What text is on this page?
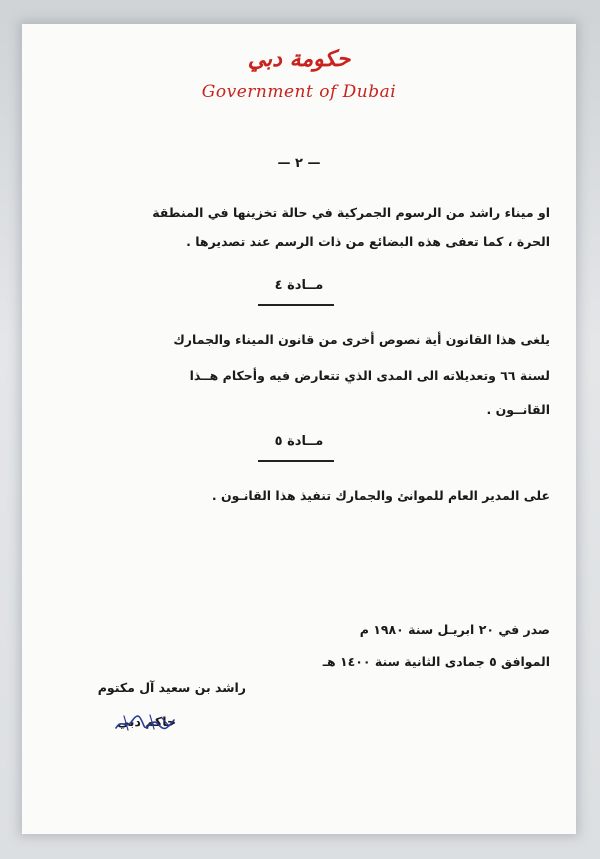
حكومة دبي
Government of Dubai
— ٢ —
او ميناء راشد من الرسوم الجمركية في حالة تخزينها في المنطقة
الحرة ، كما تعفى هذه البضائع من ذات الرسم عند تصديرها .
مــادة ٤
يلغى هذا القانون أية نصوص أخرى من قانون الميناء والجمارك
لسنة ٦٦ وتعديلاته الى المدى الذي تتعارض فيه وأحكام هــذا
القانــون .
مــادة ٥
على المدير العام للموانئ والجمارك تنفيذ هذا القانـون .
صدر في ٢٠ ابريـل سنة ١٩٨٠ م
الموافق ٥ جمادى الثانية سنة ١٤٠٠ هـ
راشد بن سعيد آل مكتوم
حاكم دبي
